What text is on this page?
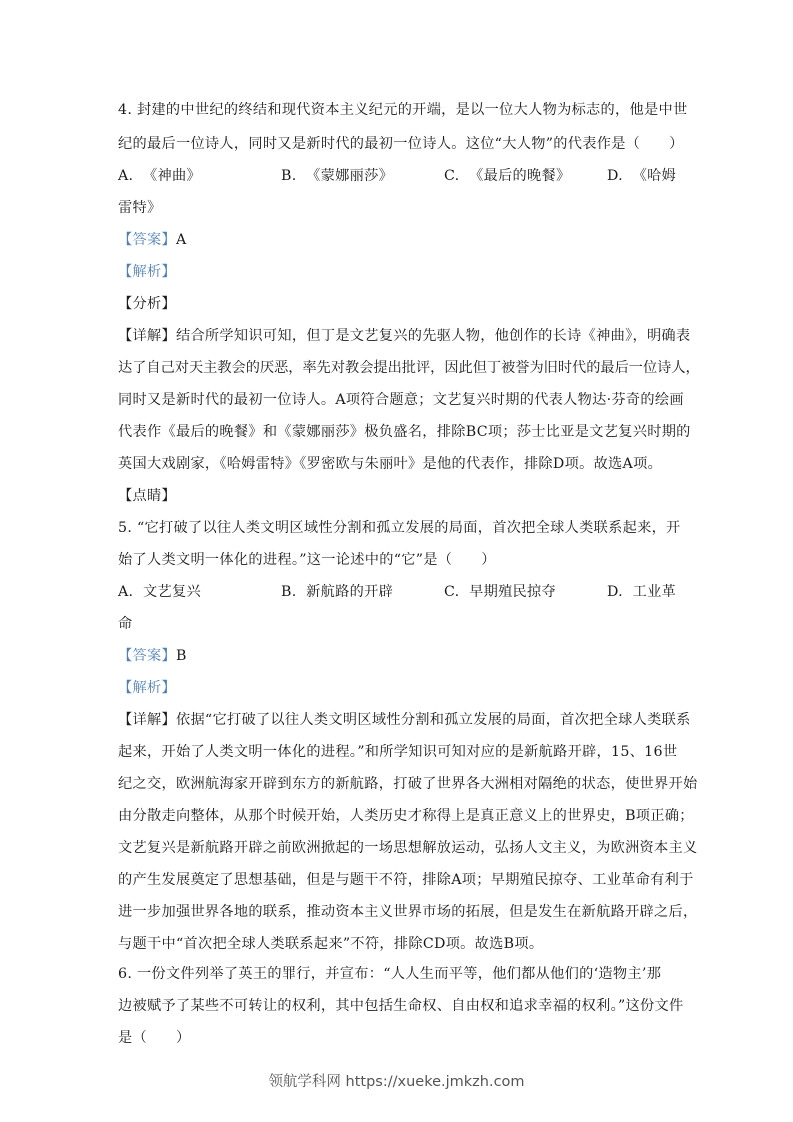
4. 封建的中世纪的终结和现代资本主义纪元的开端，是以一位大人物为标志的，他是中世
纪的最后一位诗人，同时又是新时代的最初一位诗人。这位“大人物”的代表作是（　　）
A. 《神曲》	B. 《蒙娜丽莎》	C. 《最后的晚餐》	D. 《哈姆
雷特》
【答案】A
【解析】
【分析】
【详解】结合所学知识可知，但丁是文艺复兴的先驱人物，他创作的长诗《神曲》，明确表
达了自己对天主教会的厌恶，率先对教会提出批评，因此但丁被誉为旧时代的最后一位诗人，
同时又是新时代的最初一位诗人。A项符合题意；文艺复兴时期的代表人物达·芬奇的绘画
代表作《最后的晚餐》和《蒙娜丽莎》极负盛名，排除BC项；莎士比亚是文艺复兴时期的
英国大戏剧家，《哈姆雷特》《罗密欧与朱丽叶》是他的代表作，排除D项。故选A项。
【点睛】
5. “它打破了以往人类文明区域性分割和孤立发展的局面，首次把全球人类联系起来，开
始了人类文明一体化的进程。”这一论述中的“它”是（　　）
A. 文艺复兴	B. 新航路的开辟	C. 早期殖民掠夺	D. 工业革
命
【答案】B
【解析】
【详解】依据“它打破了以往人类文明区域性分割和孤立发展的局面，首次把全球人类联系
起来，开始了人类文明一体化的进程。”和所学知识可知对应的是新航路开辟，15、16世
纪之交，欧洲航海家开辟到东方的新航路，打破了世界各大洲相对隔绝的状态，使世界开始
由分散走向整体，从那个时候开始，人类历史才称得上是真正意义上的世界史，B项正确；
文艺复兴是新航路开辟之前欧洲掀起的一场思想解放运动，弘扬人文主义，为欧洲资本主义
的产生发展奠定了思想基础，但是与题干不符，排除A项；早期殖民掠夺、工业革命有利于
进一步加强世界各地的联系，推动资本主义世界市场的拓展，但是发生在新航路开辟之后，
与题干中“首次把全球人类联系起来”不符，排除CD项。故选B项。
6. 一份文件列举了英王的罪行，并宣布：“人人生而平等，他们都从他们的‘造物主’那
边被赋予了某些不可转让的权利，其中包括生命权、自由权和追求幸福的权利。”这份文件
是（　　）
领航学科网 https://xueke.jmkzh.com
